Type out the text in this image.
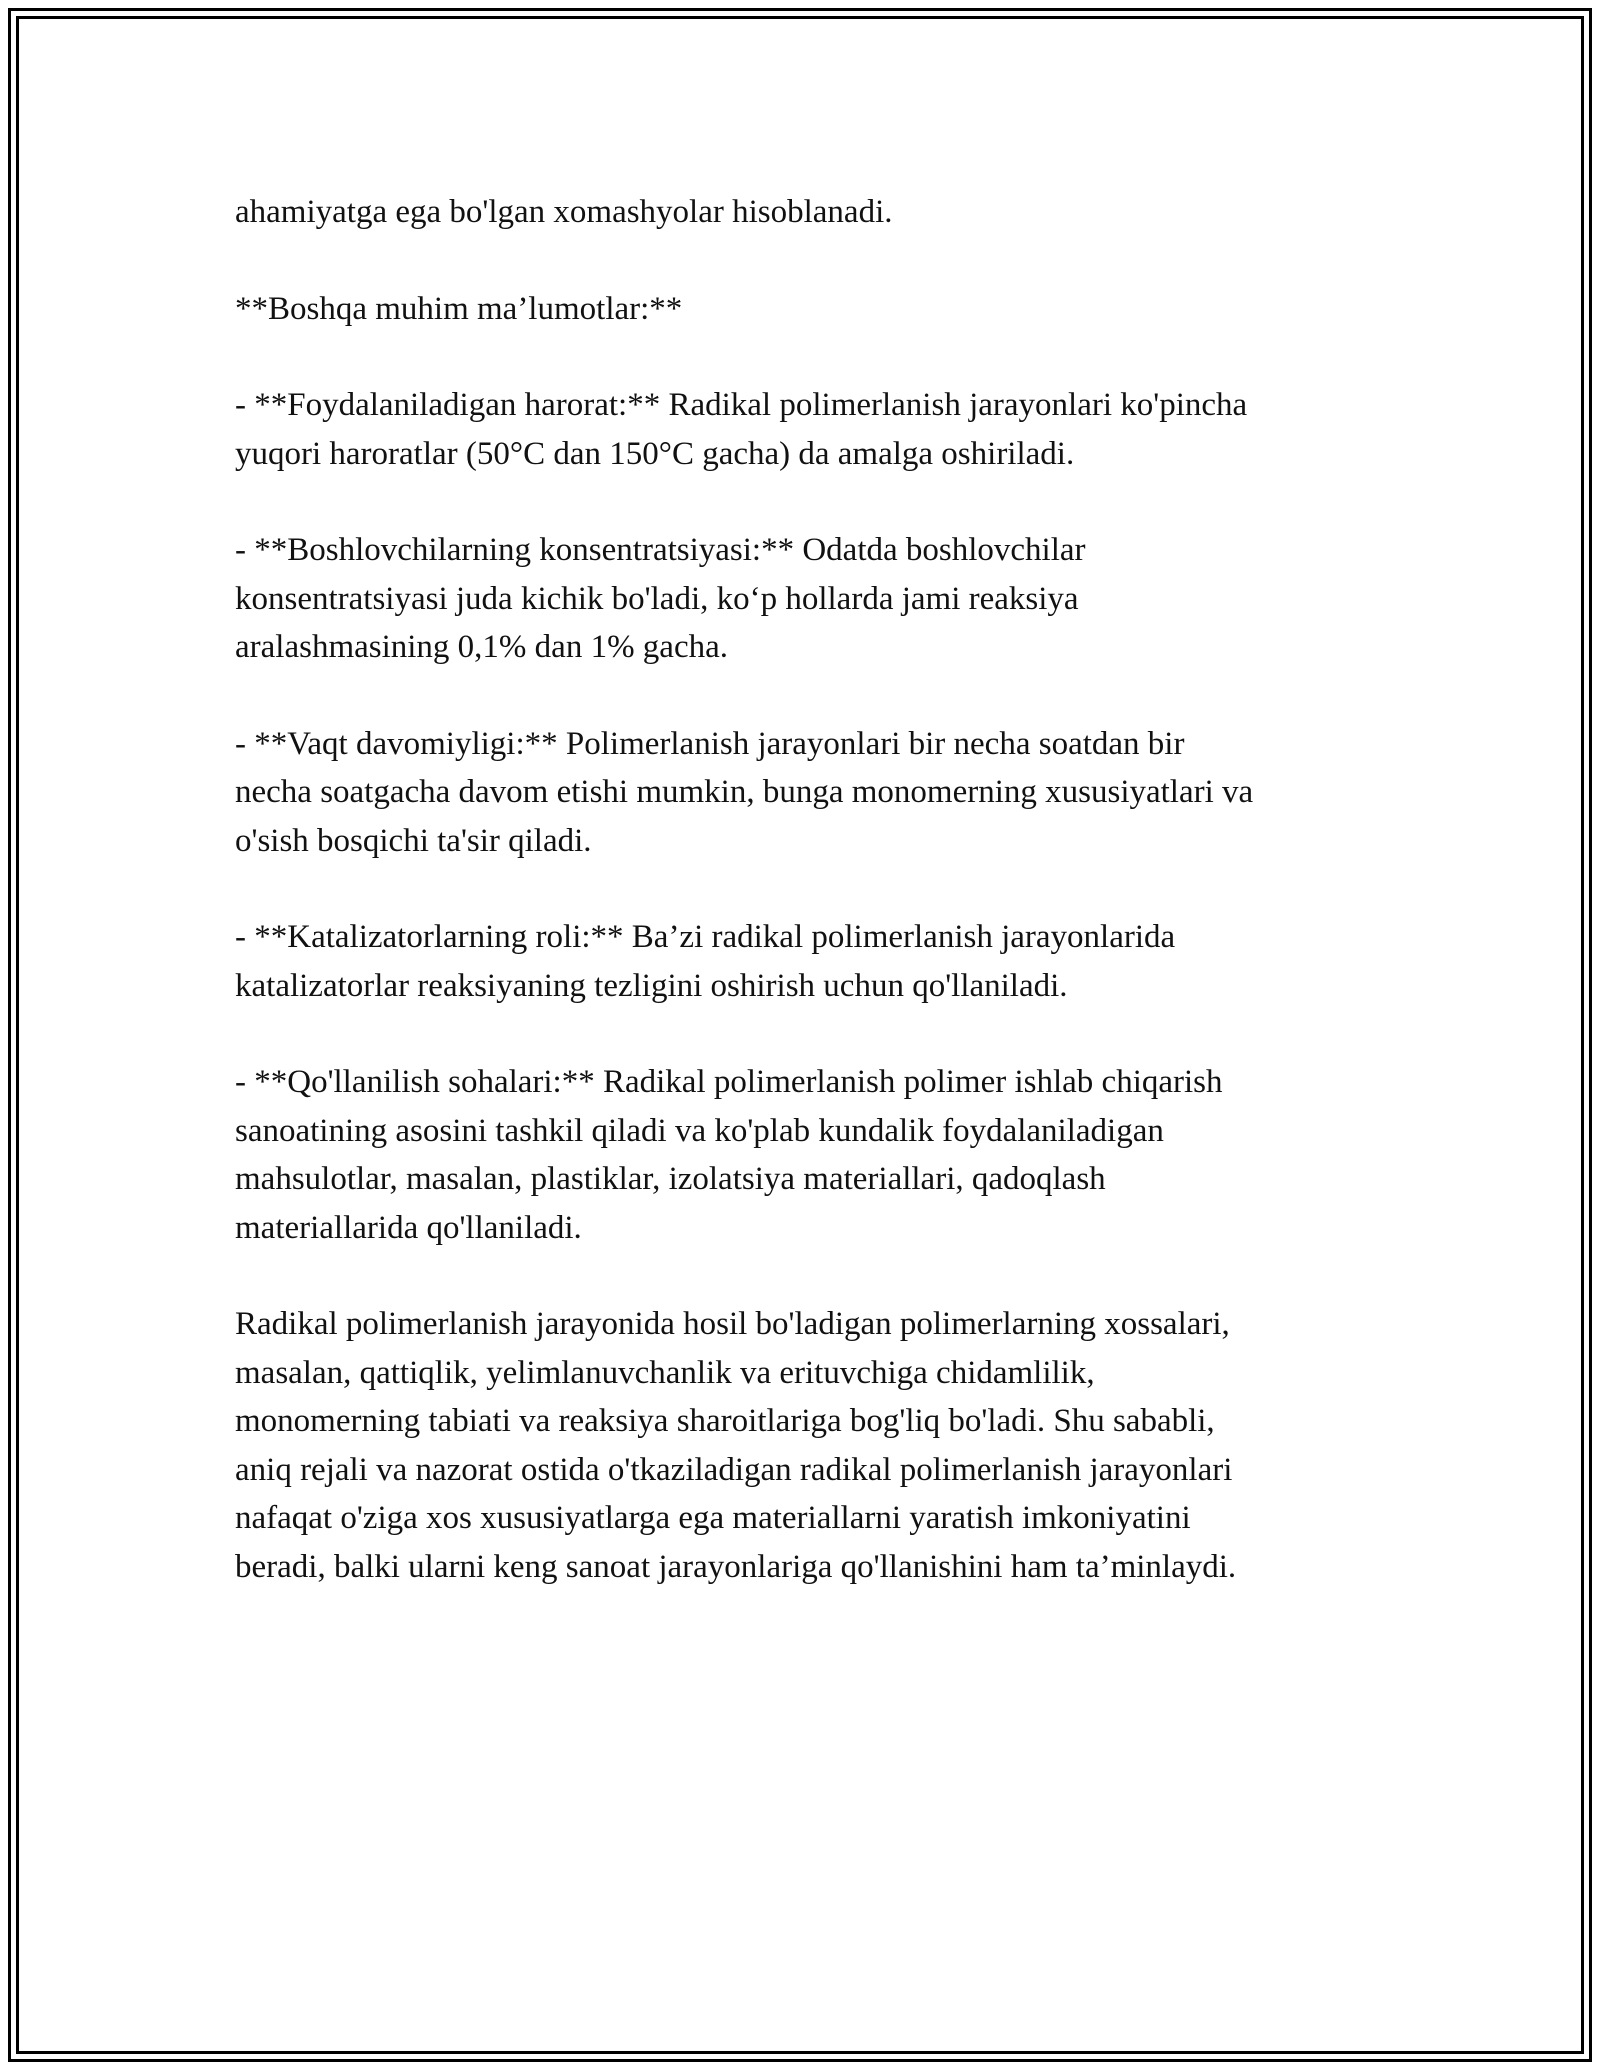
ahamiyatga ega bo'lgan xomashyolar hisoblanadi.

**Boshqa muhim ma’lumotlar:**

- **Foydalaniladigan harorat:** Radikal polimerlanish jarayonlari ko'pincha
yuqori haroratlar (50°C dan 150°C gacha) da amalga oshiriladi.

- **Boshlovchilarning konsentratsiyasi:** Odatda boshlovchilar
konsentratsiyasi juda kichik bo'ladi, ko‘p hollarda jami reaksiya
aralashmasining 0,1% dan 1% gacha.

- **Vaqt davomiyligi:** Polimerlanish jarayonlari bir necha soatdan bir
necha soatgacha davom etishi mumkin, bunga monomerning xususiyatlari va
o'sish bosqichi ta'sir qiladi.

- **Katalizatorlarning roli:** Ba’zi radikal polimerlanish jarayonlarida
katalizatorlar reaksiyaning tezligini oshirish uchun qo'llaniladi.

- **Qo'llanilish sohalari:** Radikal polimerlanish polimer ishlab chiqarish
sanoatining asosini tashkil qiladi va ko'plab kundalik foydalaniladigan
mahsulotlar, masalan, plastiklar, izolatsiya materiallari, qadoqlash
materiallarida qo'llaniladi.

Radikal polimerlanish jarayonida hosil bo'ladigan polimerlarning xossalari,
masalan, qattiqlik, yelimlanuvchanlik va erituvchiga chidamlilik,
monomerning tabiati va reaksiya sharoitlariga bog'liq bo'ladi. Shu sababli,
aniq rejali va nazorat ostida o'tkaziladigan radikal polimerlanish jarayonlari
nafaqat o'ziga xos xususiyatlarga ega materiallarni yaratish imkoniyatini
beradi, balki ularni keng sanoat jarayonlariga qo'llanishini ham ta’minlaydi.
